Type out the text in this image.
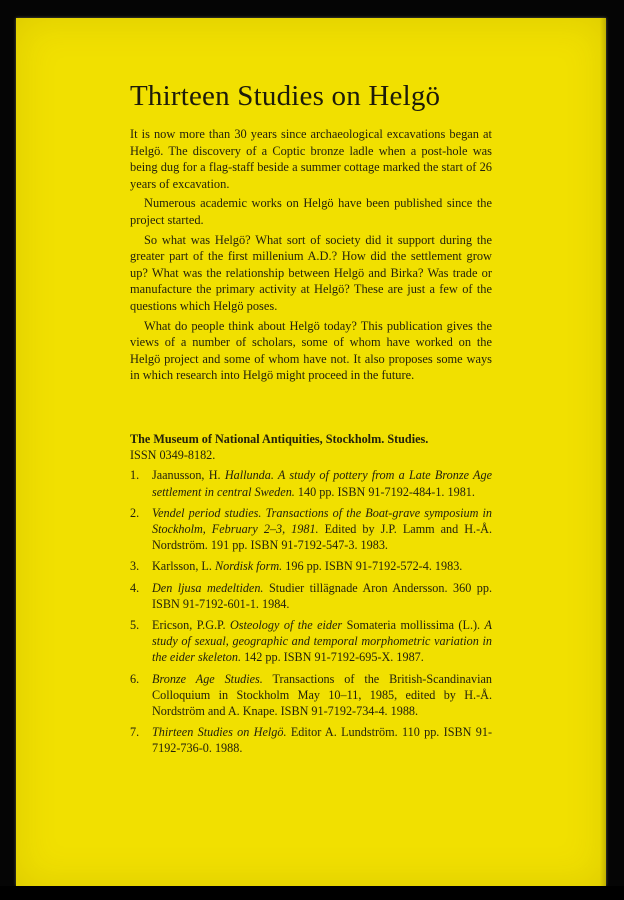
Thirteen Studies on Helgö

It is now more than 30 years since archaeological excavations began at Helgö. The discovery of a Coptic bronze ladle when a post-hole was being dug for a flag-staff beside a summer cottage marked the start of 26 years of excavation.

Numerous academic works on Helgö have been published since the project started.

So what was Helgö? What sort of society did it support during the greater part of the first millenium A.D.? How did the settlement grow up? What was the relationship between Helgö and Birka? Was trade or manufacture the primary activity at Helgö? These are just a few of the questions which Helgö poses.

What do people think about Helgö today? This publication gives the views of a number of scholars, some of whom have worked on the Helgö project and some of whom have not. It also proposes some ways in which research into Helgö might proceed in the future.

The Museum of National Antiquities, Stockholm. Studies.
ISSN 0349-8182.
1. Jaanusson, H. Hallunda. A study of pottery from a Late Bronze Age settlement in central Sweden. 140 pp. ISBN 91-7192-484-1. 1981.
2. Vendel period studies. Transactions of the Boat-grave symposium in Stockholm, February 2–3, 1981. Edited by J.P. Lamm and H.-Å. Nordström. 191 pp. ISBN 91-7192-547-3. 1983.
3. Karlsson, L. Nordisk form. 196 pp. ISBN 91-7192-572-4. 1983.
4. Den ljusa medeltiden. Studier tillägnade Aron Andersson. 360 pp. ISBN 91-7192-601-1. 1984.
5. Ericson, P.G.P. Osteology of the eider Somateria mollissima (L.). A study of sexual, geographic and temporal morphometric variation in the eider skeleton. 142 pp. ISBN 91-7192-695-X. 1987.
6. Bronze Age Studies. Transactions of the British-Scandinavian Colloquium in Stockholm May 10–11, 1985, edited by H.-Å. Nordström and A. Knape. ISBN 91-7192-734-4. 1988.
7. Thirteen Studies on Helgö. Editor A. Lundström. 110 pp. ISBN 91-7192-736-0. 1988.
